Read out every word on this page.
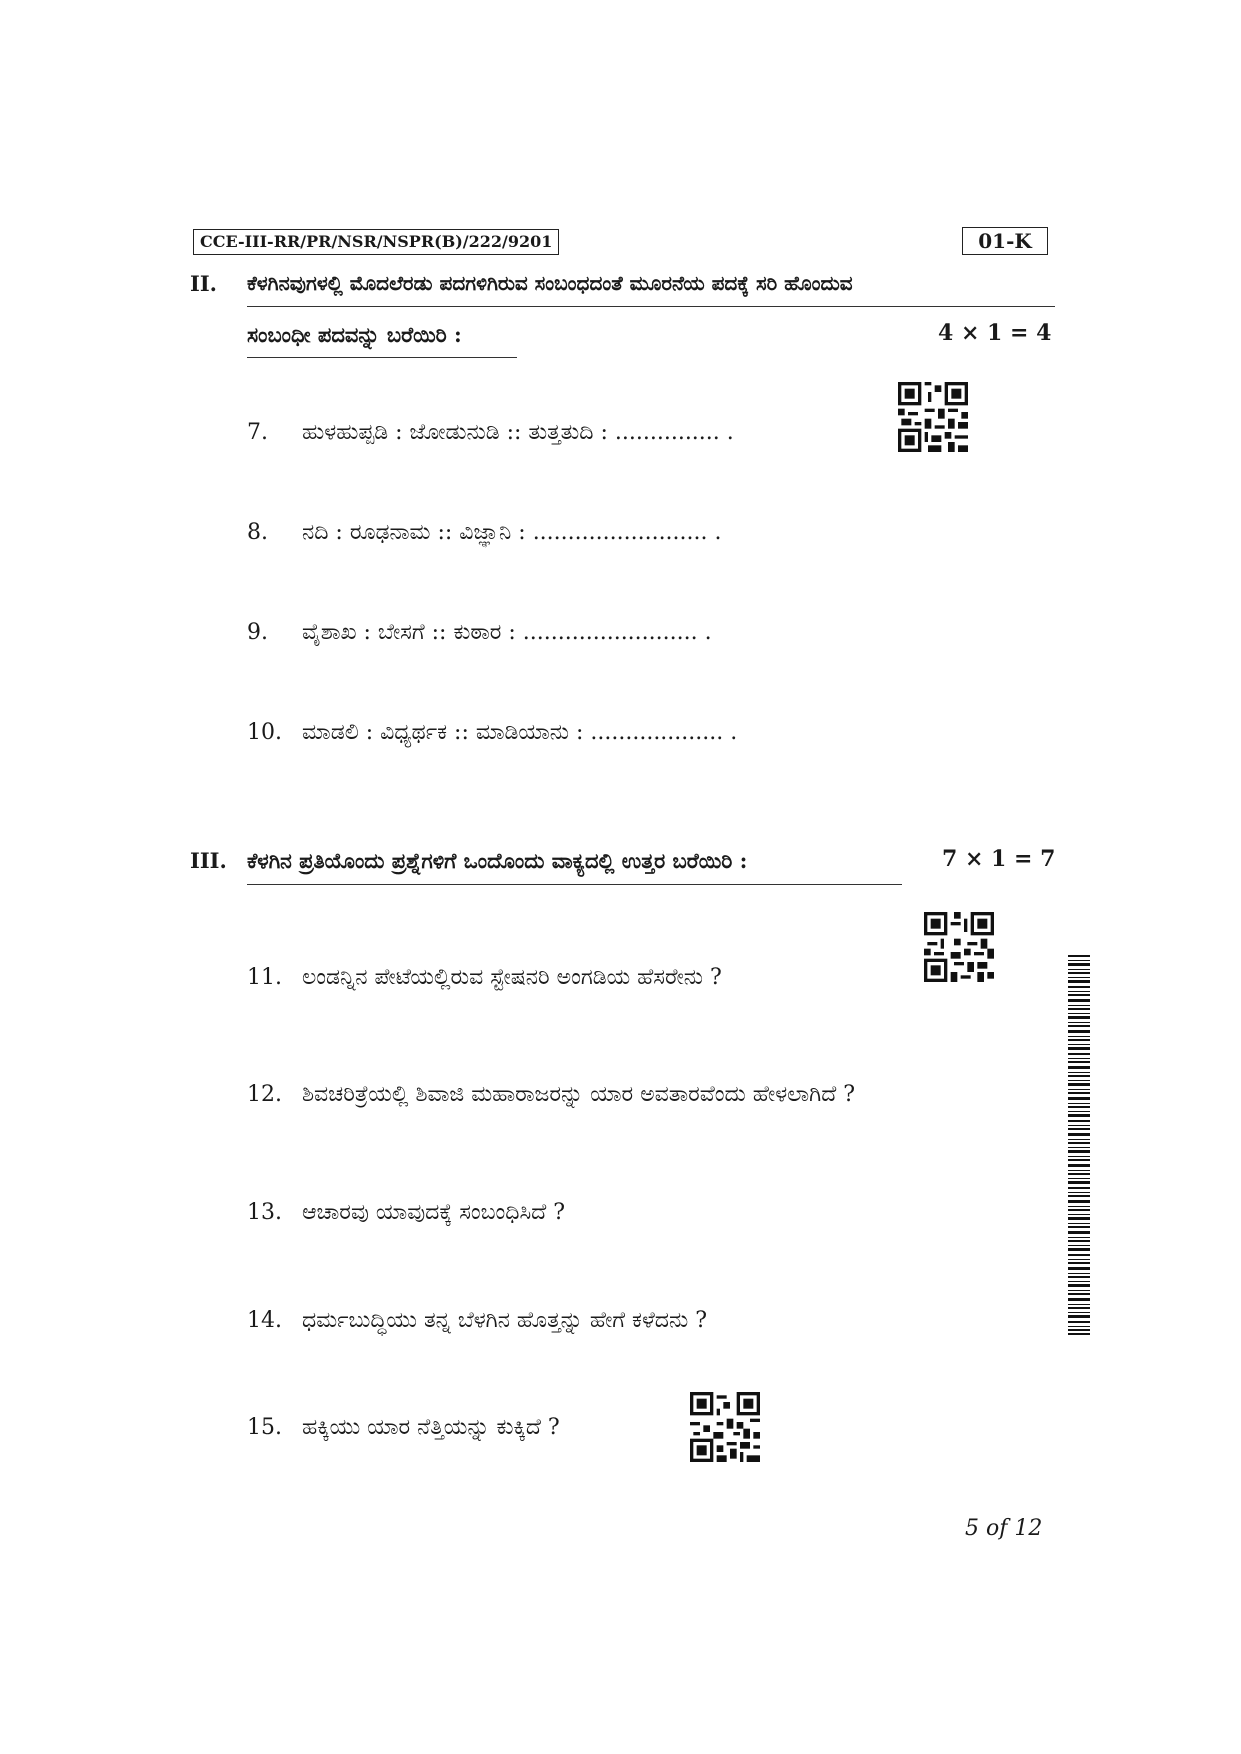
CCE-III-RR/PR/NSR/NSPR(B)/222/9201	01-K
II. ಕೆಳಗಿನವುಗಳಲ್ಲಿ ಮೊದಲೆರಡು ಪದಗಳಿಗಿರುವ ಸಂಬಂಧದಂತೆ ಮೂರನೆಯ ಪದಕ್ಕೆ ಸರಿ ಹೊಂದುವ
ಸಂಬಂಧೀ ಪದವನ್ನು ಬರೆಯಿರಿ :	4 × 1 = 4
7. ಹುಳಹುಪ್ಪಡಿ : ಜೋಡುನುಡಿ :: ತುತ್ತತುದಿ : ............... .
8. ನದಿ : ರೂಢನಾಮ :: ವಿಜ್ಞಾನಿ : ......................... .
9. ವೈಶಾಖ : ಬೇಸಗೆ :: ಕುಠಾರ : ......................... .
10. ಮಾಡಲಿ : ವಿಧ್ಯರ್ಥಕ :: ಮಾಡಿಯಾನು : ................... .
III. ಕೆಳಗಿನ ಪ್ರತಿಯೊಂದು ಪ್ರಶ್ನೆಗಳಿಗೆ ಒಂದೊಂದು ವಾಕ್ಯದಲ್ಲಿ ಉತ್ತರ ಬರೆಯಿರಿ :	7 × 1 = 7
11. ಲಂಡನ್ನಿನ ಪೇಟೆಯಲ್ಲಿರುವ ಸ್ಟೇಷನರಿ ಅಂಗಡಿಯ ಹೆಸರೇನು ?
12. ಶಿವಚರಿತ್ರೆಯಲ್ಲಿ ಶಿವಾಜಿ ಮಹಾರಾಜರನ್ನು ಯಾರ ಅವತಾರವೆಂದು ಹೇಳಲಾಗಿದೆ ?
13. ಆಚಾರವು ಯಾವುದಕ್ಕೆ ಸಂಬಂಧಿಸಿದೆ ?
14. ಧರ್ಮಬುದ್ಧಿಯು ತನ್ನ ಬೆಳಗಿನ ಹೊತ್ತನ್ನು ಹೇಗೆ ಕಳೆದನು ?
15. ಹಕ್ಕಿಯು ಯಾರ ನೆತ್ತಿಯನ್ನು ಕುಕ್ಕಿದೆ ?
5 of 12
